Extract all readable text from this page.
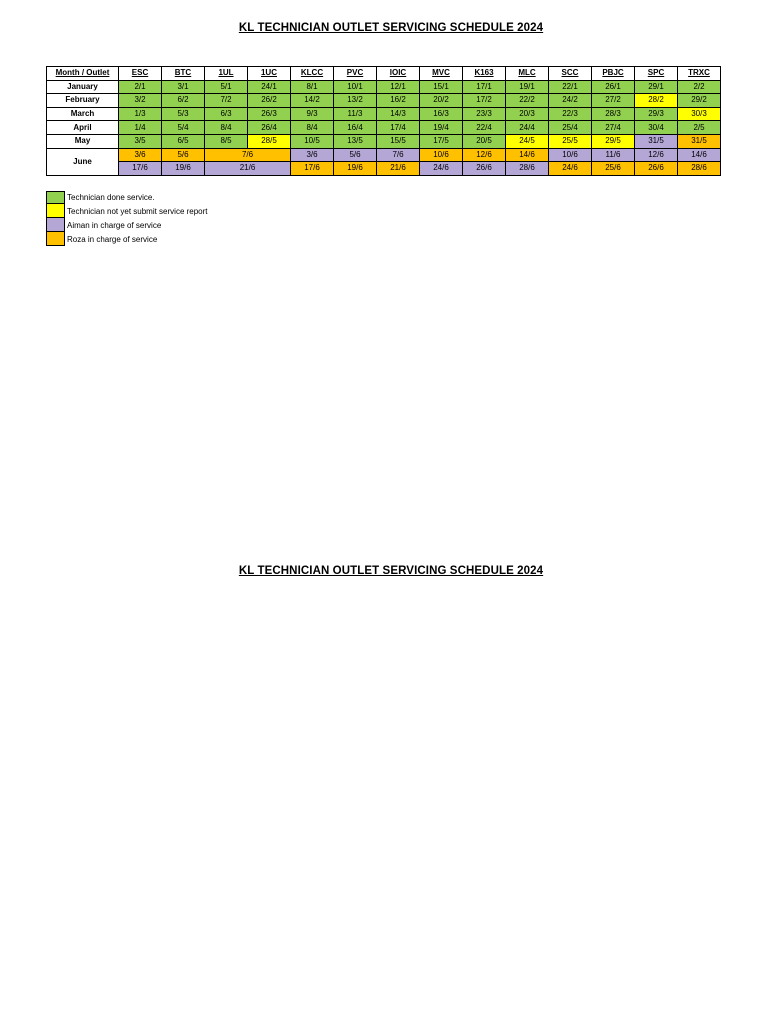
KL TECHNICIAN OUTLET SERVICING SCHEDULE 2024
Month / Outlet	ESC	BTC	1UL	1UC	KLCC	PVC	IOIC	MVC	K163	MLC	SCC	PBJC	SPC	TRXC
January	2/1	3/1	5/1	24/1	8/1	10/1	12/1	15/1	17/1	19/1	22/1	26/1	29/1	2/2
February	3/2	6/2	7/2	26/2	14/2	13/2	16/2	20/2	17/2	22/2	24/2	27/2	28/2	29/2
March	1/3	5/3	6/3	26/3	9/3	11/3	14/3	16/3	23/3	20/3	22/3	28/3	29/3	30/3
April	1/4	5/4	8/4	26/4	8/4	16/4	17/4	19/4	22/4	24/4	25/4	27/4	30/4	2/5
May	3/5	6/5	8/5	28/5	10/5	13/5	15/5	17/5	20/5	24/5	25/5	29/5	31/5	31/5
June	3/6	5/6	7/6		3/6	5/6	7/6	10/6	12/6	14/6	10/6	11/6	12/6	14/6
	17/6	19/6	21/6		17/6	19/6	21/6	24/6	26/6	28/6	24/6	25/6	26/6	28/6
Technician done service.
Technician not yet submit service report
Aiman in charge of service
Roza in charge of service
KL TECHNICIAN OUTLET SERVICING SCHEDULE 2024
